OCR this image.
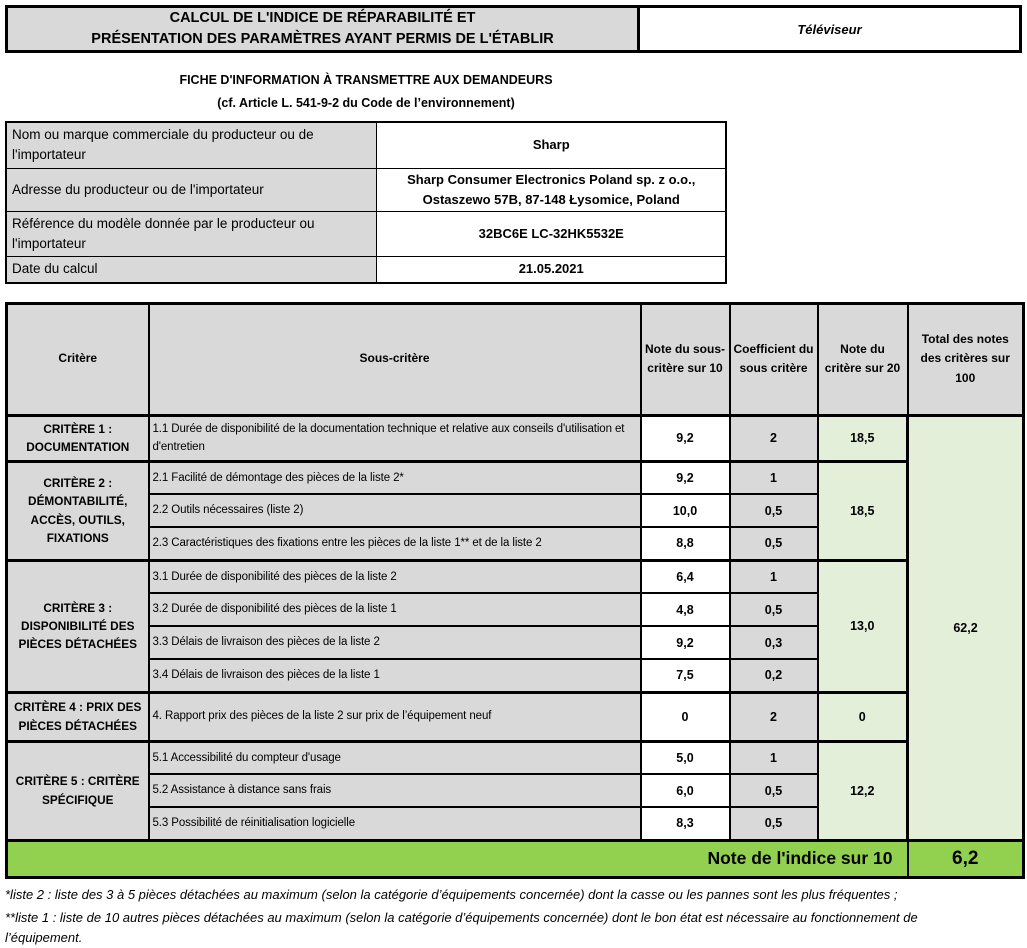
CALCUL DE L'INDICE DE RÉPARABILITÉ ET
PRÉSENTATION DES PARAMÈTRES AYANT PERMIS DE L'ÉTABLIR
Téléviseur
FICHE D'INFORMATION À TRANSMETTRE AUX DEMANDEURS
(cf. Article L. 541-9-2 du Code de l’environnement)
Nom ou marque commerciale du producteur ou de l'importateur	Sharp
Adresse du producteur ou de l'importateur	Sharp Consumer Electronics Poland sp. z o.o.,
Ostaszewo 57B, 87-148 Łysomice, Poland

Référence du modèle donnée par le producteur ou l'importateur	32BC6E LC-32HK5532E
Date du calcul	21.05.2021
Critère	Sous-critère	Note du sous-critère sur 10	Coefficient du sous critère	Note du critère sur 20	Total des notes des critères sur 100
CRITÈRE 1 : DOCUMENTATION	1.1 Durée de disponibilité de la documentation technique et relative aux conseils d'utilisation et d'entretien	9,2	2	18,5	62,2
CRITÈRE 2 : DÉMONTABILITÉ, ACCÈS, OUTILS, FIXATIONS	2.1 Facilité de démontage des pièces de la liste 2*	9,2	1	18,5	
	2.2 Outils nécessaires (liste 2)	10,0	0,5		
	2.3 Caractéristiques des fixations entre les pièces de la liste 1** et de la liste 2	8,8	0,5		
CRITÈRE 3 : DISPONIBILITÉ DES PIÈCES DÉTACHÉES	3.1 Durée de disponibilité des pièces de la liste 2	6,4	1	13,0	
	3.2 Durée de disponibilité des pièces de la liste 1	4,8	0,5		
	3.3 Délais de livraison des pièces de la liste 2	9,2	0,3		
	3.4 Délais de livraison des pièces de la liste 1	7,5	0,2		
CRITÈRE 4 : PRIX DES PIÈCES DÉTACHÉES	4. Rapport prix des pièces de la liste 2 sur prix de l’équipement neuf	0	2	0	
CRITÈRE 5 : CRITÈRE SPÉCIFIQUE	5.1 Accessibilité du compteur d'usage	5,0	1	12,2	
	5.2 Assistance à distance sans frais	6,0	0,5		
	5.3 Possibilité de réinitialisation logicielle	8,3	0,5		
Note de l'indice sur 10					6,2
*liste 2 : liste des 3 à 5 pièces détachées au maximum (selon la catégorie d’équipements concernée) dont la casse ou les pannes sont les plus fréquentes ;
**liste 1 : liste de 10 autres pièces détachées au maximum (selon la catégorie d’équipements concernée) dont le bon état est nécessaire au fonctionnement de l’équipement.
